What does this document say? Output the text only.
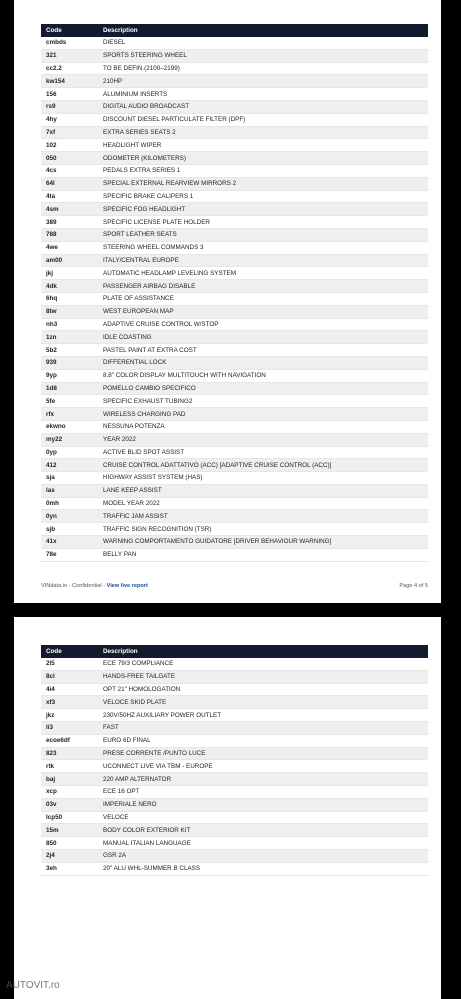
Code	Description
cmbds	DIESEL
321	SPORTS STEERING WHEEL
cc2.2	TO BE DEFIN.(2100–2199)
kw154	210HP
156	ALUMINIUM INSERTS
rs9	DIGITAL AUDIO BROADCAST
4hy	DISCOUNT DIESEL PARTICULATE FILTER (DPF)
7xf	EXTRA SERIES SEATS 2
102	HEADLIGHT WIPER
050	ODOMETER (KILOMETERS)
4cs	PEDALS EXTRA SERIES 1
64l	SPECIAL EXTERNAL REARVIEW MIRRORS 2
4ta	SPECIFIC BRAKE CALIPERS 1
4sm	SPECIFIC FOG HEADLIGHT
389	SPECIFIC LICENSE PLATE HOLDER
788	SPORT LEATHER SEATS
4we	STEERING WHEEL COMMANDS 3
am00	ITALY/CENTRAL EUROPE
jkj	AUTOMATIC HEADLAMP LEVELING SYSTEM
4dk	PASSENGER AIRBAG DISABLE
6hq	PLATE OF ASSISTANCE
8tw	WEST EUROPEAN MAP
nh3	ADAPTIVE CRUISE CONTROL W/STOP
1zn	IDLE COASTING
5b2	PASTEL PAINT AT EXTRA COST
939	DIFFERENTIAL LOCK
9yp	8.8" COLOR DISPLAY MULTITOUCH WITH NAVIGATION
1d8	POMELLO CAMBIO SPECIFICO
5fe	SPECIFIC EXHAUST TUBING2
rfx	WIRELESS CHARGING PAD
ekwno	NESSUNA POTENZA
my22	YEAR 2022
0yp	ACTIVE BLID SPOT ASSIST
412	CRUISE CONTROL ADATTATIVO (ACC) [ADAPTIVE CRUISE CONTROL (ACC)]
sja	HIGHWAY ASSIST SYSTEM (HAS)
las	LANE KEEP ASSIST
0mh	MODEL YEAR 2022
0yn	TRAFFIC JAM ASSIST
sjb	TRAFFIC SIGN RECOGNITION (TSR)
41x	WARNING COMPORTAMENTO GUIDATORE [DRIVER BEHAVIOUR WARNING]
78e	BELLY PAN
VINdata.io - Confidential - View live report	Page 4 of 5
Code	Description
2l5	ECE 79/3 COMPLIANCE
8cl	HANDS-FREE TAILGATE
4i4	OPT 21" HOMOLOGATION
xf3	VELOCE SKID PLATE
jkz	230V/50HZ AUXILIARY POWER OUTLET
li3	FAST
ecoe6df	EURO 6D FINAL
823	PRESE CORRENTE /PUNTO LUCE
rtk	UCONNECT LIVE VIA TBM - EUROPE
baj	220 AMP ALTERNATOR
xcp	ECE 16 OPT
03v	IMPERIALE NERO
lcp50	VELOCE
15m	BODY COLOR EXTERIOR KIT
850	MANUAL ITALIAN LANGUAGE
2j4	GSR 2A
3eh	20" ALU WHL-SUMMER B CLASS
AUTOVIT.ro
